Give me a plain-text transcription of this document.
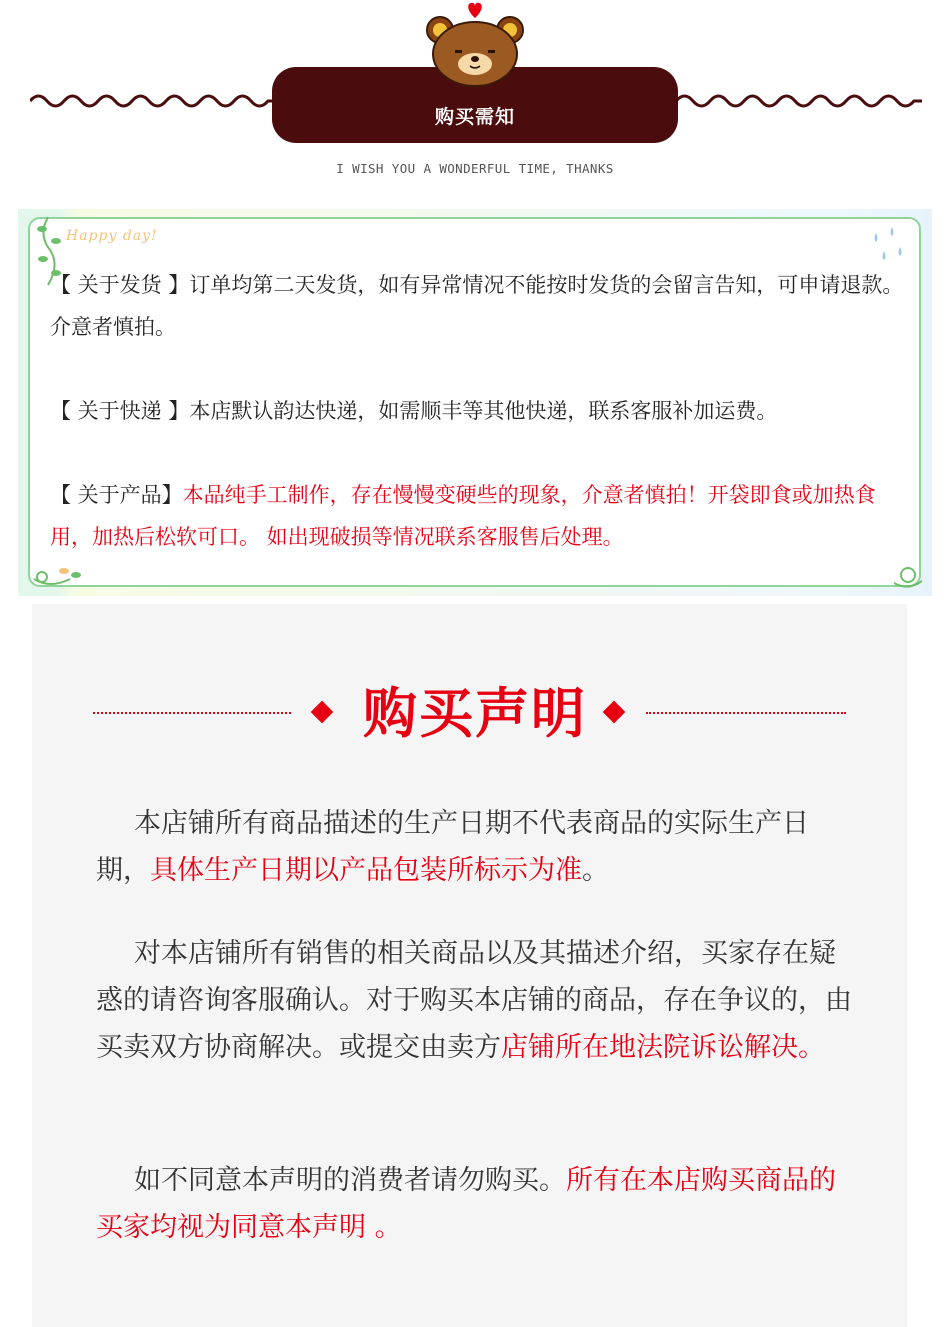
购买需知
I WISH YOU A WONDERFUL TIME, THANKS
Happy day!
【 关于发货 】订单均第二天发货，如有异常情况不能按时发货的会留言告知，可申请退款。介意者慎拍。
【 关于快递 】本店默认韵达快递，如需顺丰等其他快递，联系客服补加运费。
【 关于产品】本品纯手工制作，存在慢慢变硬些的现象，介意者慎拍！开袋即食或加热食用，加热后松软可口。 如出现破损等情况联系客服售后处理。
购买声明
本店铺所有商品描述的生产日期不代表商品的实际生产日期，具体生产日期以产品包装所标示为准。
对本店铺所有销售的相关商品以及其描述介绍，买家存在疑惑的请咨询客服确认。对于购买本店铺的商品，存在争议的，由买卖双方协商解决。或提交由卖方店铺所在地法院诉讼解决。
如不同意本声明的消费者请勿购买。所有在本店购买商品的买家均视为同意本声明 。
